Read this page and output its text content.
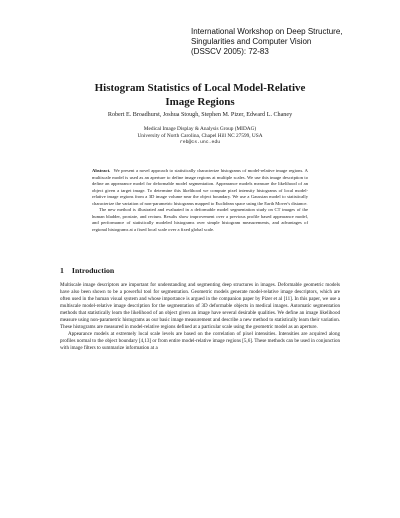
International Workshop on Deep Structure,
Singularities and Computer Vision
(DSSCV 2005): 72-83
Histogram Statistics of Local Model-Relative
Image Regions
Robert E. Broadhurst, Joshua Stough, Stephen M. Pizer, Edward L. Chaney
Medical Image Display & Analysis Group (MIDAG)
University of North Carolina, Chapel Hill NC 27599, USA
reb@cs.unc.edu

Abstract. We present a novel approach to statistically characterize histograms of model-relative image regions. A multiscale model is used as an aperture to define image regions at multiple scales. We use this image description to define an appearance model for deformable model segmentation. Appearance models measure the likelihood of an object given a target image. To determine this likelihood we compute pixel intensity histograms of local model-relative image regions from a 3D image volume near the object boundary. We use a Gaussian model to statistically characterize the variation of non-parametric histograms mapped to Euclidean space using the Earth Mover's distance.

The new method is illustrated and evaluated in a deformable model segmentation study on CT images of the human bladder, prostate, and rectum. Results show improvement over a previous profile based appearance model, and performance of statistically modeled histograms over simple histogram measurements, and advantages of regional histograms at a fixed local scale over a fixed global scale.

1 Introduction

Multiscale image descriptors are important for understanding and segmenting deep structures in images. Deformable geometric models have also been shown to be a powerful tool for segmentation. Geometric models generate model-relative image descriptors, which are often used in the human visual system and whose importance is argued in the companion paper by Pizer et al [11]. In this paper, we use a multiscale model-relative image description for the segmentation of 3D deformable objects in medical images. Automatic segmentation methods that statistically learn the likelihood of an object given an image have several desirable qualities. We define an image likelihood measure using non-parametric histograms as our basic image measurement and describe a new method to statistically learn their variation. These histograms are measured in model-relative regions defined at a particular scale using the geometric model as an aperture.

Appearance models at extremely local scale levels are based on the correlation of pixel intensities. Intensities are acquired along profiles normal to the object boundary [4,13] or from entire model-relative image regions [5,6]. These methods can be used in conjunction with image filters to summarize information at a
